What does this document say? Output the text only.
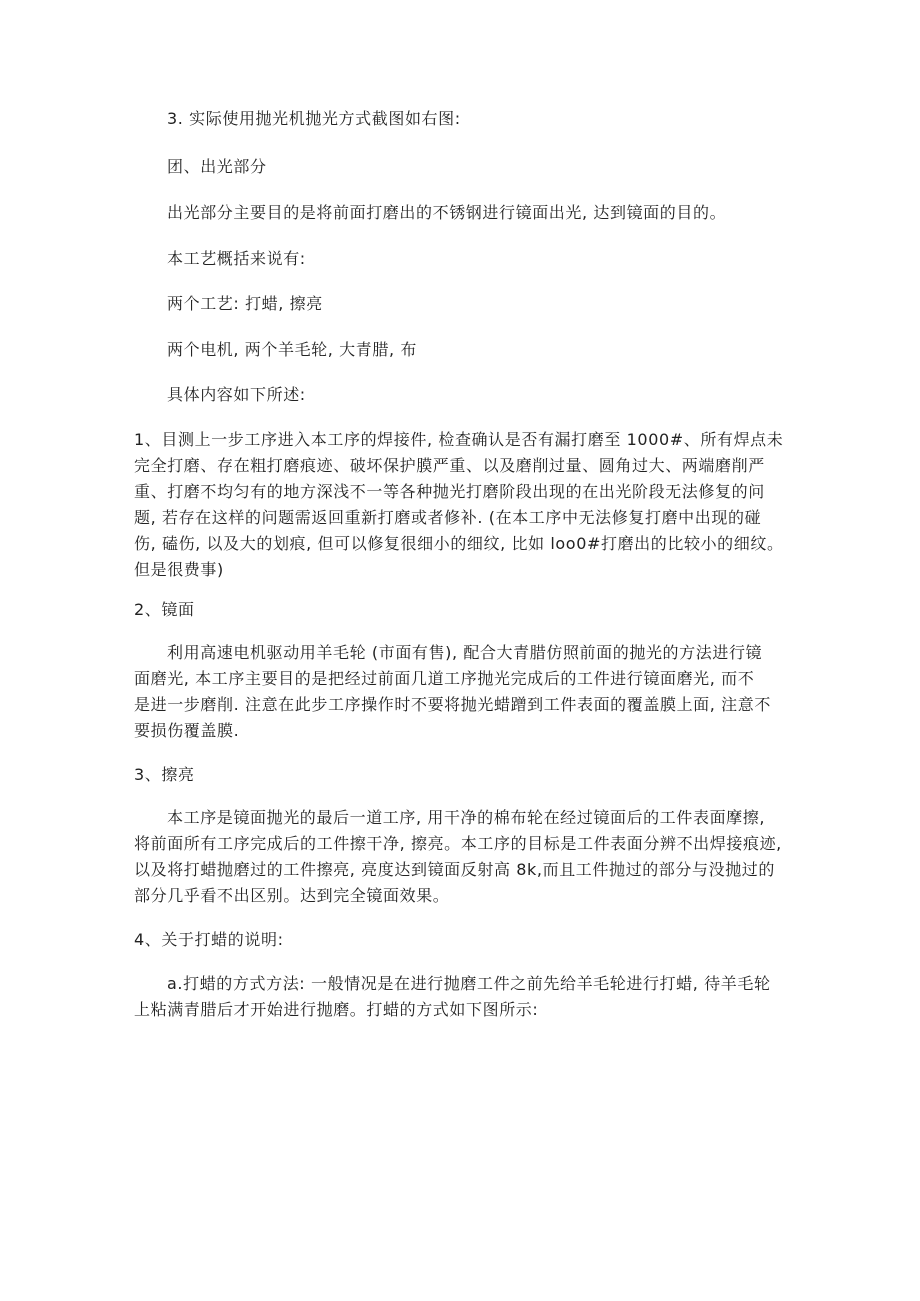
3. 实际使用抛光机抛光方式截图如右图:

团、出光部分

出光部分主要目的是将前面打磨出的不锈钢进行镜面出光, 达到镜面的目的。

本工艺概括来说有:

两个工艺: 打蜡, 擦亮

两个电机, 两个羊毛轮, 大青腊, 布

具体内容如下所述:

1、目测上一步工序进入本工序的焊接件, 检查确认是否有漏打磨至 1000#、所有焊点未
完全打磨、存在粗打磨痕迹、破坏保护膜严重、以及磨削过量、圆角过大、两端磨削严
重、打磨不均匀有的地方深浅不一等各种抛光打磨阶段出现的在出光阶段无法修复的问
题, 若存在这样的问题需返回重新打磨或者修补. (在本工序中无法修复打磨中出现的碰
伤, 磕伤, 以及大的划痕, 但可以修复很细小的细纹, 比如 loo0#打磨出的比较小的细纹。
但是很费事)

2、镜面

利用高速电机驱动用羊毛轮 (市面有售), 配合大青腊仿照前面的抛光的方法进行镜
面磨光, 本工序主要目的是把经过前面几道工序抛光完成后的工件进行镜面磨光, 而不
是进一步磨削. 注意在此步工序操作时不要将抛光蜡蹭到工件表面的覆盖膜上面, 注意不
要损伤覆盖膜.

3、擦亮

本工序是镜面抛光的最后一道工序, 用干净的棉布轮在经过镜面后的工件表面摩擦,
将前面所有工序完成后的工件擦干净, 擦亮。本工序的目标是工件表面分辨不出焊接痕迹,
以及将打蜡抛磨过的工件擦亮, 亮度达到镜面反射高 8k,而且工件抛过的部分与没抛过的
部分几乎看不出区别。达到完全镜面效果。

4、关于打蜡的说明:

a.打蜡的方式方法: 一般情况是在进行抛磨工件之前先给羊毛轮进行打蜡, 待羊毛轮
上粘满青腊后才开始进行抛磨。打蜡的方式如下图所示:
